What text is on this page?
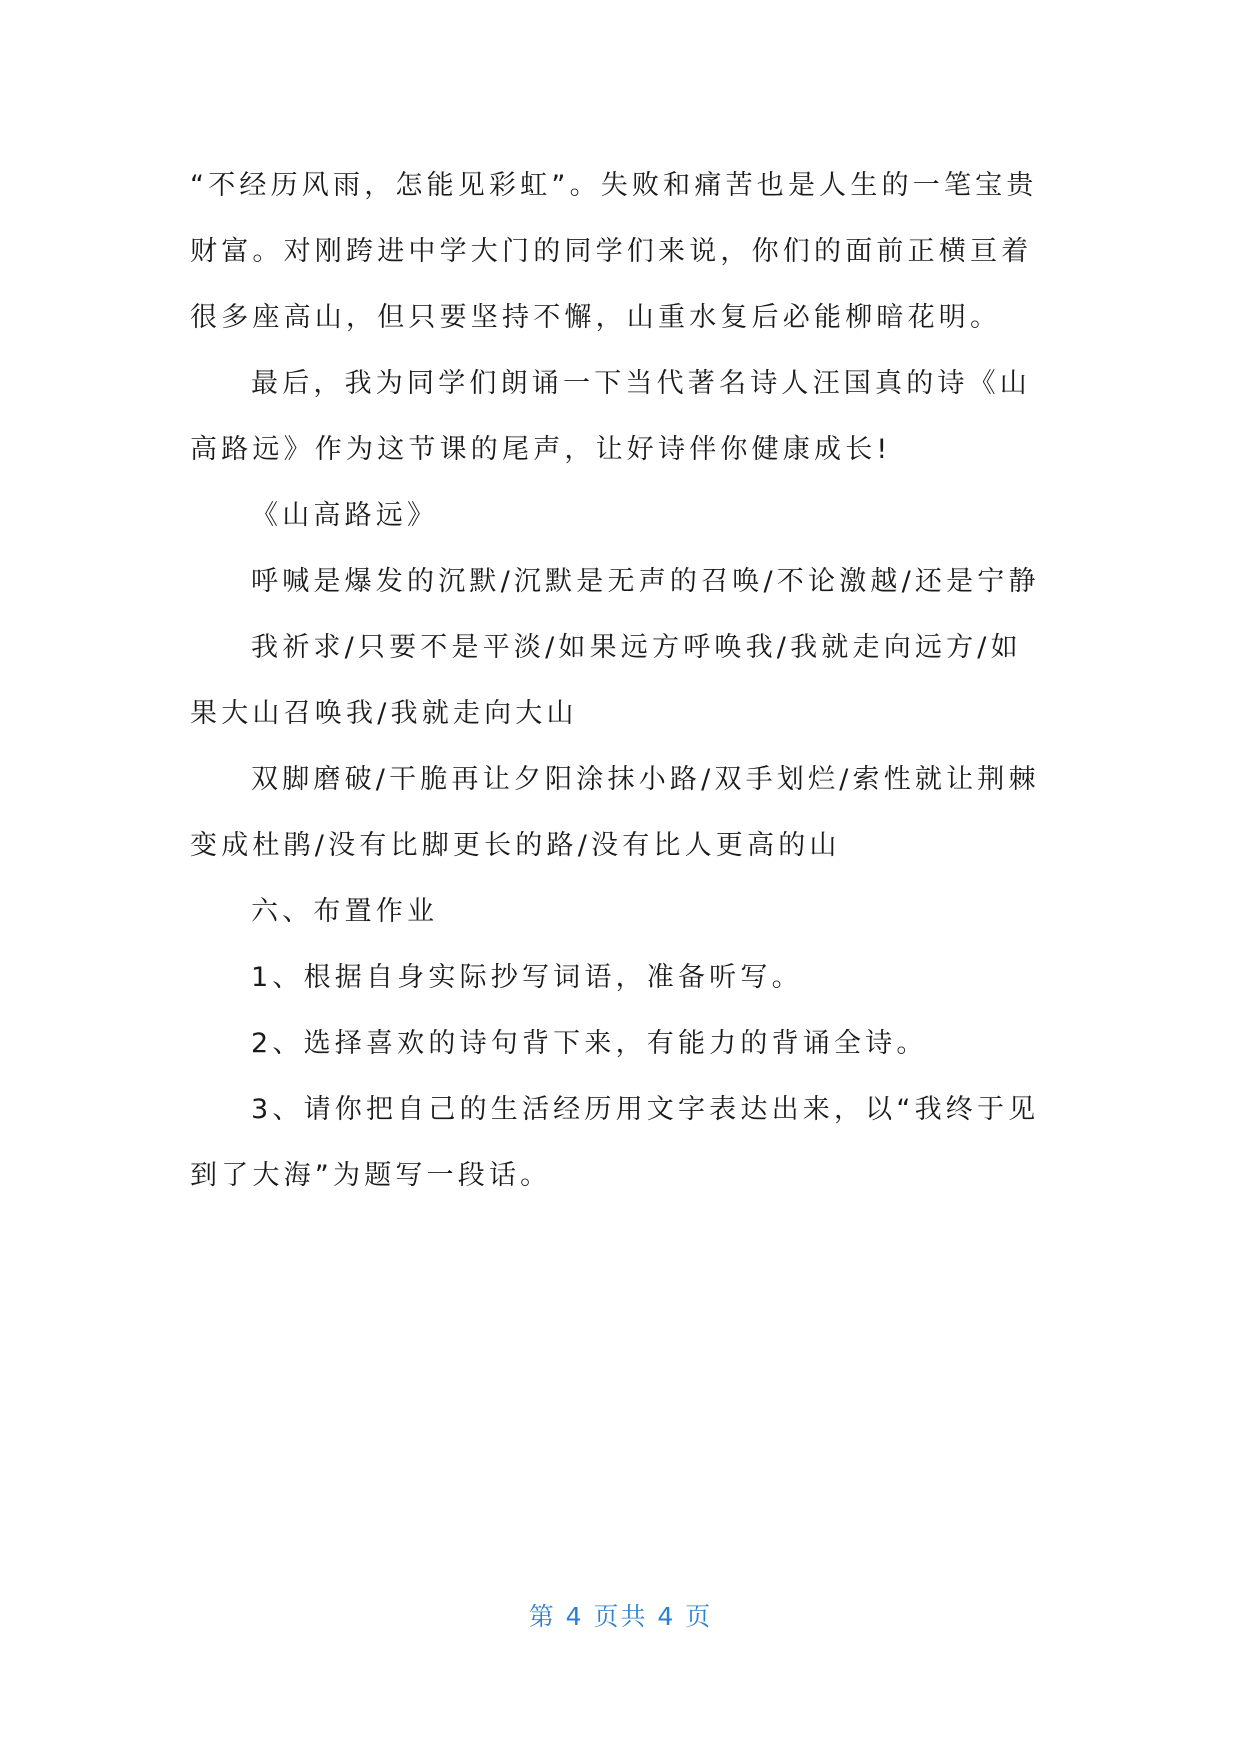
“不经历风雨，怎能见彩虹”。失败和痛苦也是人生的一笔宝贵
财富。对刚跨进中学大门的同学们来说，你们的面前正横亘着
很多座高山，但只要坚持不懈，山重水复后必能柳暗花明。
最后，我为同学们朗诵一下当代著名诗人汪国真的诗《山
高路远》作为这节课的尾声，让好诗伴你健康成长!
《山高路远》
呼喊是爆发的沉默/沉默是无声的召唤/不论激越/还是宁静
我祈求/只要不是平淡/如果远方呼唤我/我就走向远方/如
果大山召唤我/我就走向大山
双脚磨破/干脆再让夕阳涂抹小路/双手划烂/索性就让荆棘
变成杜鹃/没有比脚更长的路/没有比人更高的山
六、布置作业
1、根据自身实际抄写词语，准备听写。
2、选择喜欢的诗句背下来，有能力的背诵全诗。
3、请你把自己的生活经历用文字表达出来，以“我终于见
到了大海”为题写一段话。
第 4 页共 4 页
